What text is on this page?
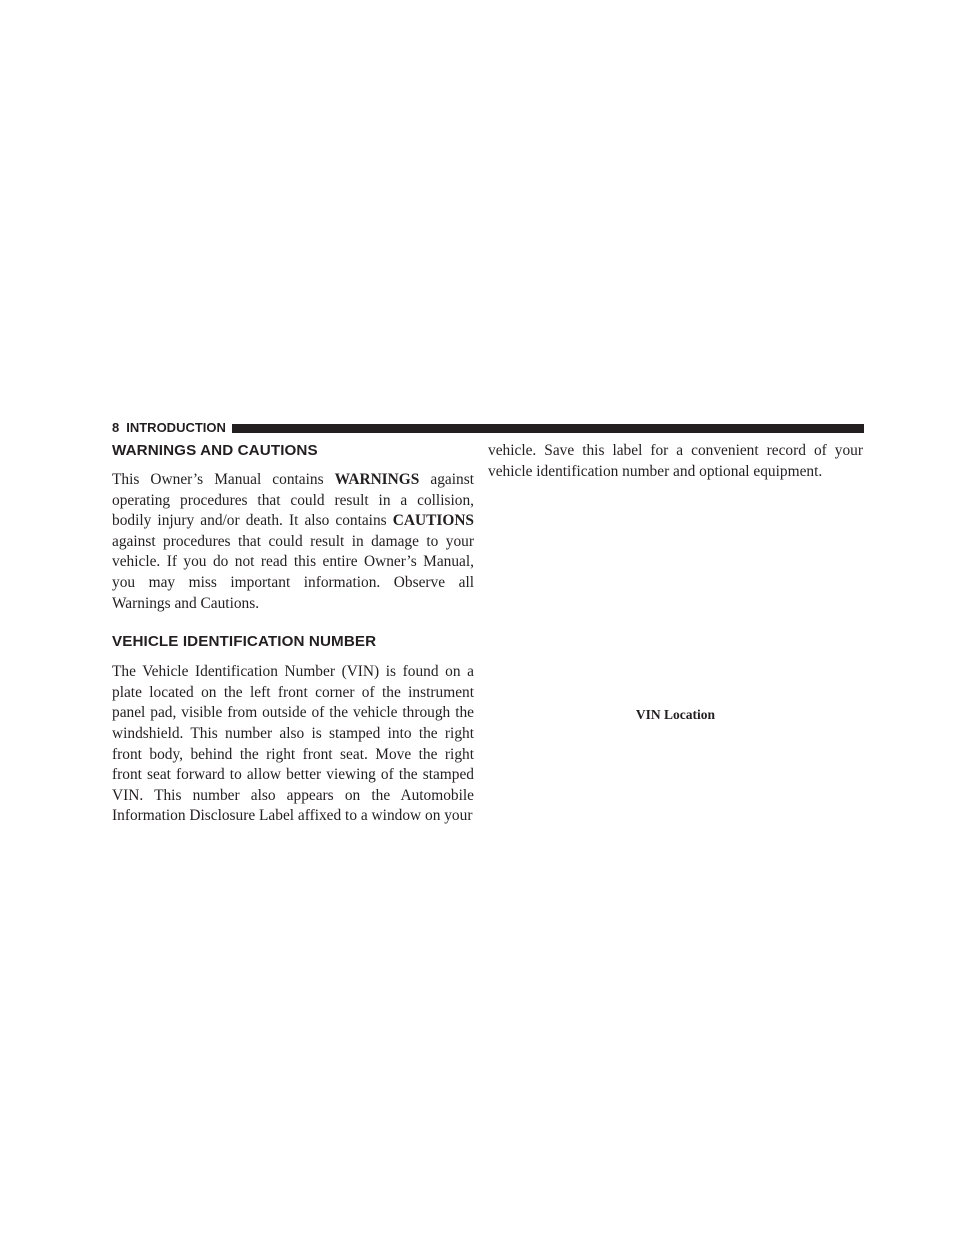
8 INTRODUCTION
WARNINGS AND CAUTIONS

This Owner’s Manual contains WARNINGS against operating procedures that could result in a collision, bodily injury and/or death. It also contains CAUTIONS against procedures that could result in damage to your vehicle. If you do not read this entire Owner’s Manual, you may miss important information. Observe all Warnings and Cautions.

VEHICLE IDENTIFICATION NUMBER

The Vehicle Identification Number (VIN) is found on a plate located on the left front corner of the instrument panel pad, visible from outside of the vehicle through the windshield. This number also is stamped into the right front body, behind the right front seat. Move the right front seat forward to allow better viewing of the stamped VIN. This number also appears on the Automobile Information Disclosure Label affixed to a window on your

vehicle. Save this label for a convenient record of your vehicle identification number and optional equipment.

VIN Location
